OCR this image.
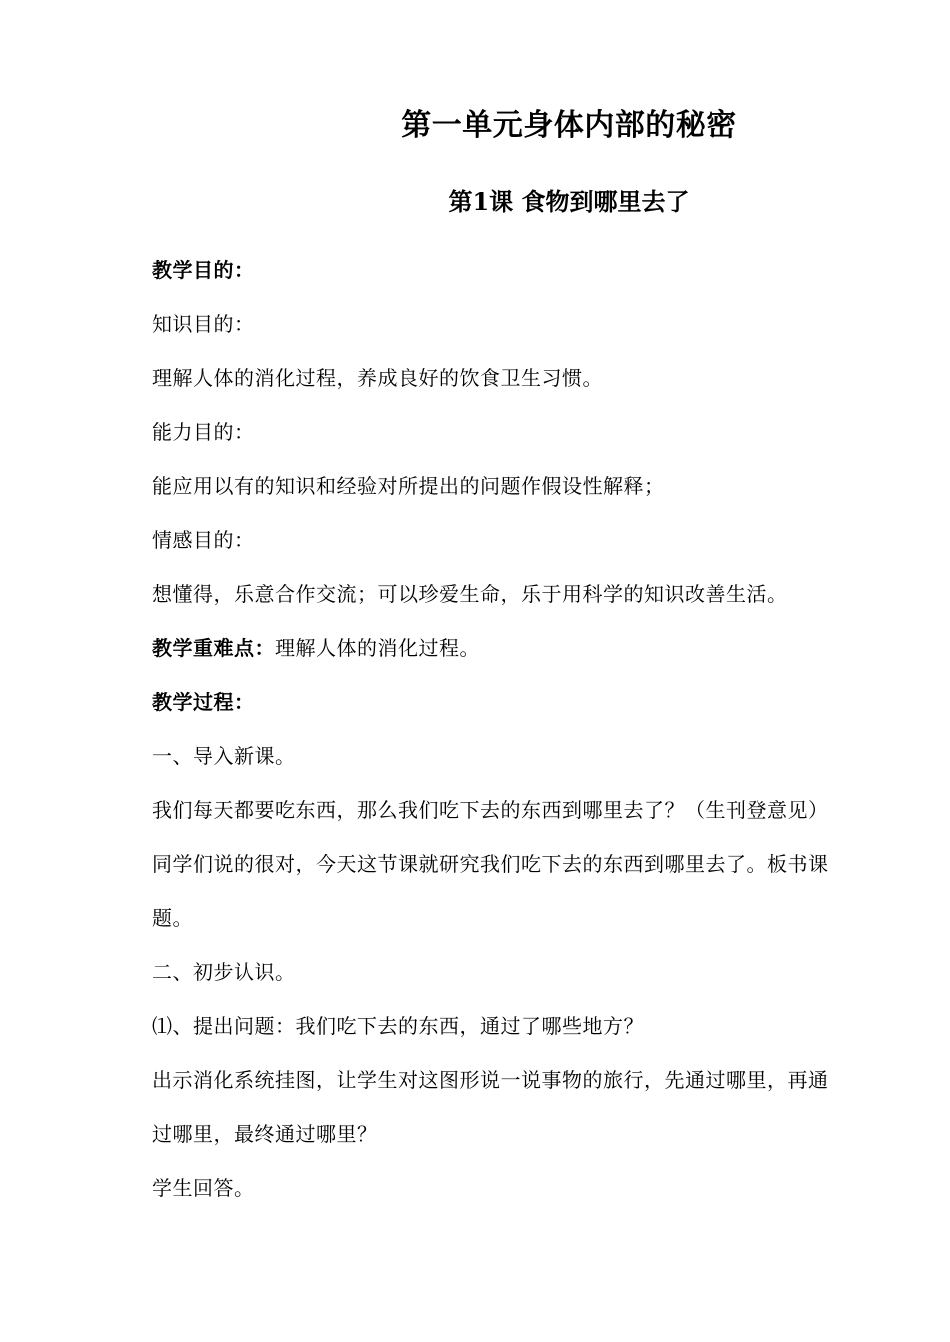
第一单元身体内部的秘密
第1课 食物到哪里去了
教学目的：
知识目的：
理解人体的消化过程，养成良好的饮食卫生习惯。
能力目的：
能应用以有的知识和经验对所提出的问题作假设性解释；
情感目的：
想懂得，乐意合作交流；可以珍爱生命，乐于用科学的知识改善生活。
教学重难点：理解人体的消化过程。
教学过程：
一、导入新课。
我们每天都要吃东西，那么我们吃下去的东西到哪里去了？（生刊登意见）
同学们说的很对，今天这节课就研究我们吃下去的东西到哪里去了。板书课
题。
二、初步认识。
⑴、提出问题：我们吃下去的东西，通过了哪些地方？
出示消化系统挂图，让学生对这图形说一说事物的旅行，先通过哪里，再通
过哪里，最终通过哪里？
学生回答。
